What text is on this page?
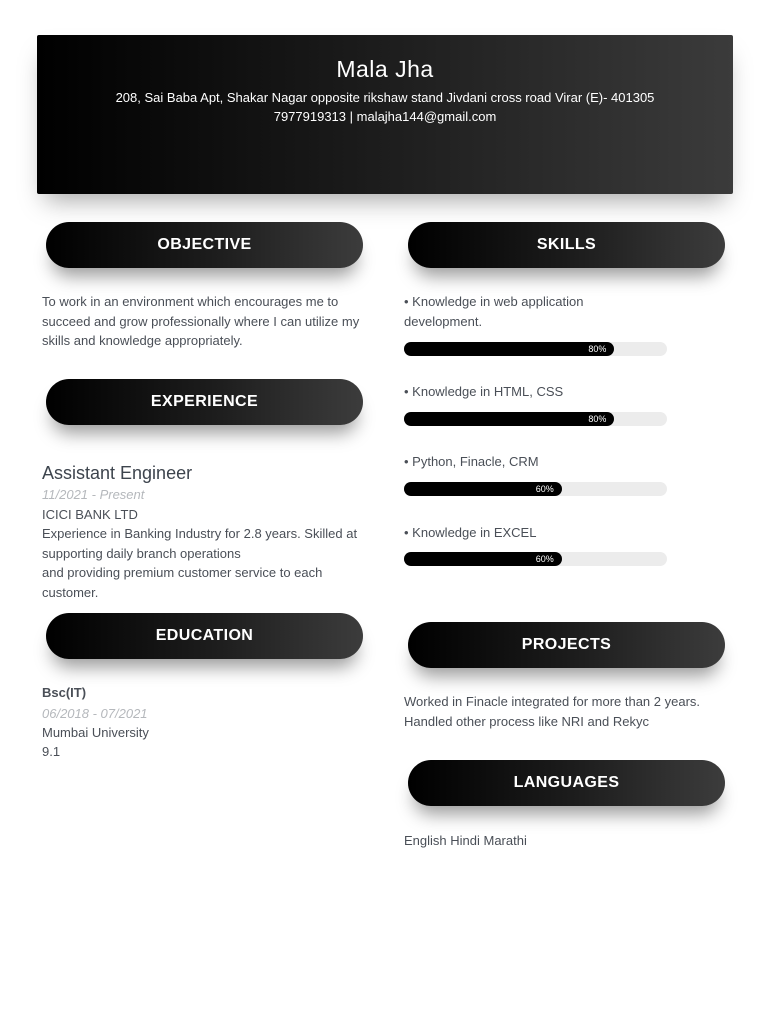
Mala Jha
208, Sai Baba Apt, Shakar Nagar opposite rikshaw stand Jivdani cross road Virar (E)- 401305
7977919313 | malajha144@gmail.com
OBJECTIVE
To work in an environment which encourages me to succeed and grow professionally where I can utilize my skills and knowledge appropriately.
EXPERIENCE
Assistant Engineer
11/2021 - Present
ICICI BANK LTD
Experience in Banking Industry for 2.8 years. Skilled at supporting daily branch operations
and providing premium customer service to each customer.
EDUCATION
Bsc(IT)
06/2018 - 07/2021
Mumbai University
9.1
SKILLS
• Knowledge in web application development.
80%
• Knowledge in HTML, CSS
80%
• Python, Finacle, CRM
60%
• Knowledge in EXCEL
60%
PROJECTS
Worked in Finacle integrated for more than 2 years. Handled other process like NRI and Rekyc
LANGUAGES
English Hindi Marathi
